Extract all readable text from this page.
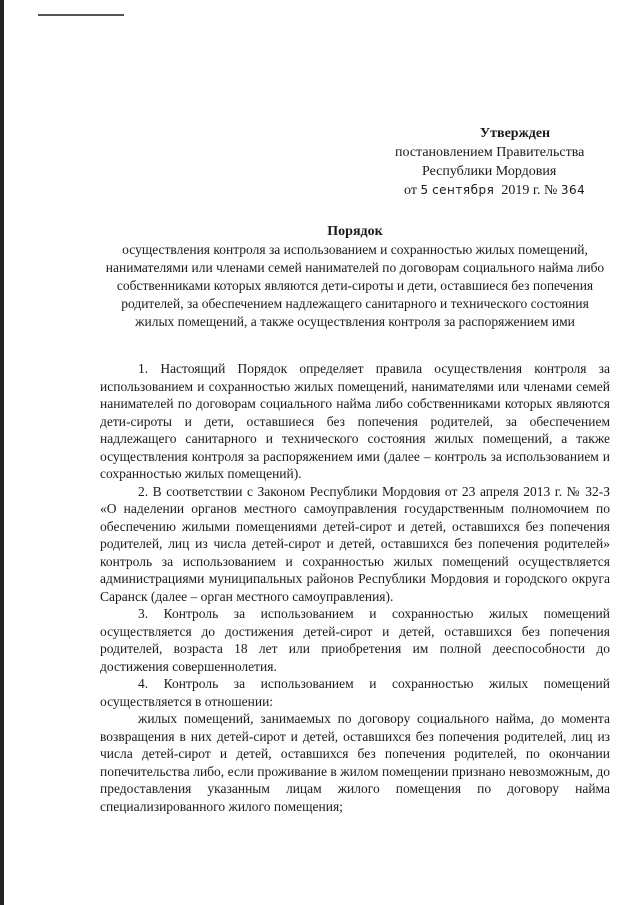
Утвержден
постановлением Правительства
Республики Мордовия
от 5 сентября 2019 г. № 364
Порядок
осуществления контроля за использованием и сохранностью жилых помещений, нанимателями или членами семей нанимателей по договорам социального найма либо собственниками которых являются дети-сироты и дети, оставшиеся без попечения родителей, за обеспечением надлежащего санитарного и технического состояния жилых помещений, а также осуществления контроля за распоряжением ими

1. Настоящий Порядок определяет правила осуществления контроля за использованием и сохранностью жилых помещений, нанимателями или членами семей нанимателей по договорам социального найма либо собственниками которых являются дети-сироты и дети, оставшиеся без попечения родителей, за обеспечением надлежащего санитарного и технического состояния жилых помещений, а также осуществления контроля за распоряжением ими (далее – контроль за использованием и сохранностью жилых помещений).

2. В соответствии с Законом Республики Мордовия от 23 апреля 2013 г. № 32-З «О наделении органов местного самоуправления государственным полномочием по обеспечению жилыми помещениями детей-сирот и детей, оставшихся без попечения родителей, лиц из числа детей-сирот и детей, оставшихся без попечения родителей» контроль за использованием и сохранностью жилых помещений осуществляется администрациями муниципальных районов Республики Мордовия и городского округа Саранск (далее – орган местного самоуправления).

3. Контроль за использованием и сохранностью жилых помещений осуществляется до достижения детей-сирот и детей, оставшихся без попечения родителей, возраста 18 лет или приобретения им полной дееспособности до достижения совершеннолетия.

4. Контроль за использованием и сохранностью жилых помещений осуществляется в отношении:

жилых помещений, занимаемых по договору социального найма, до момента возвращения в них детей-сирот и детей, оставшихся без попечения родителей, лиц из числа детей-сирот и детей, оставшихся без попечения родителей, по окончании попечительства либо, если проживание в жилом помещении признано невозможным, до предоставления указанным лицам жилого помещения по договору найма специализированного жилого помещения;
